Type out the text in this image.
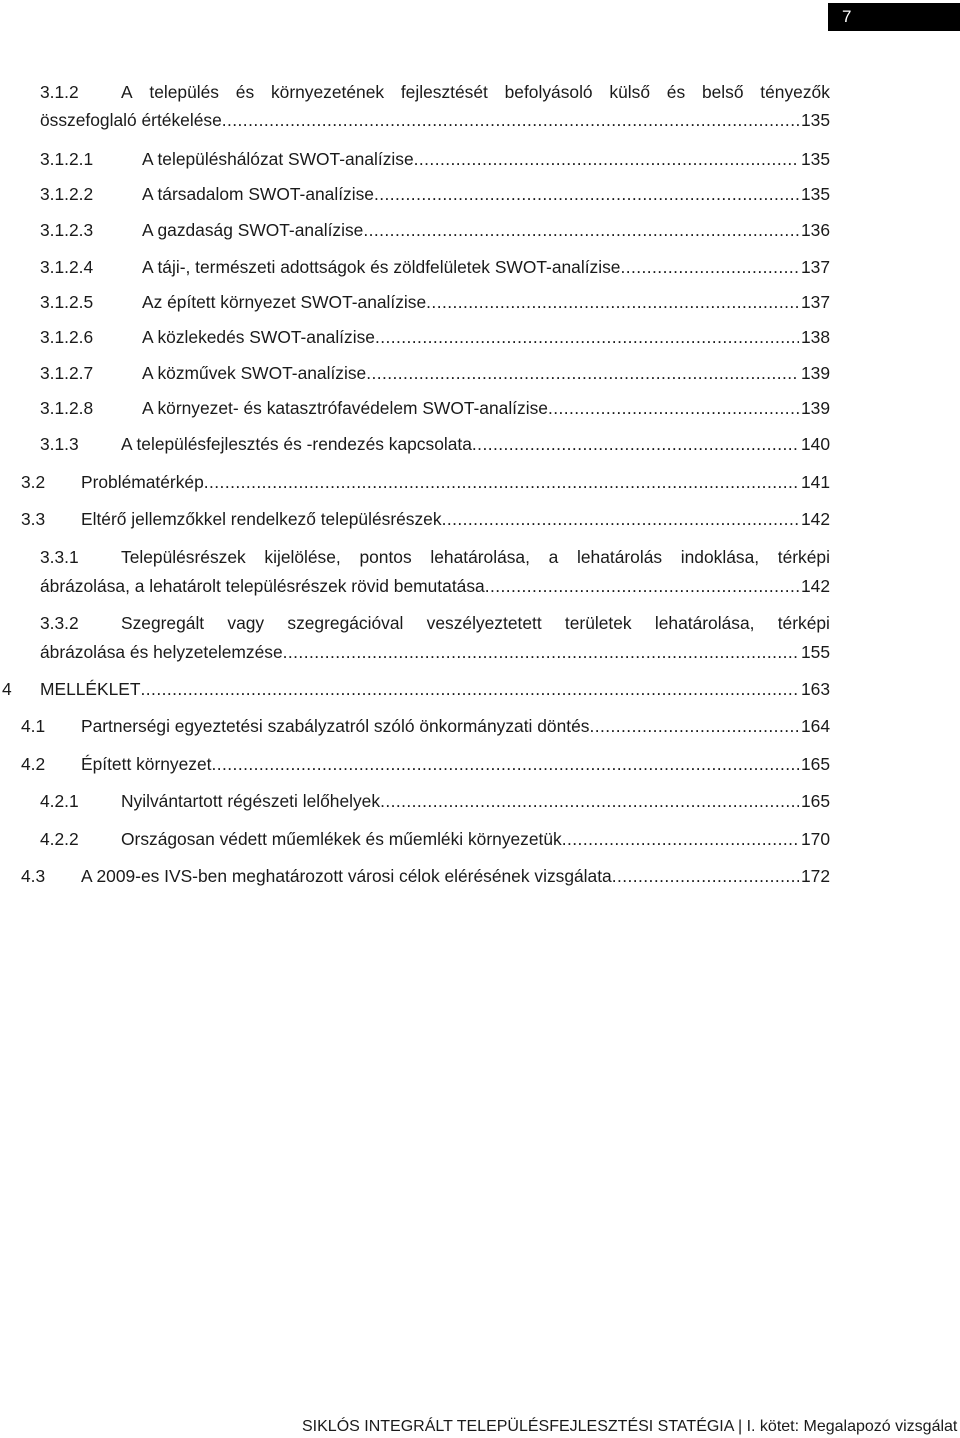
7
3.1.2 A település és környezetének fejlesztését befolyásoló külső és belső tényezők
összefoglaló értékelése . . .	135
3.1.2.1	A településhálózat SWOT-analízise . . .	135
3.1.2.2	A társadalom SWOT-analízise . . .	135
3.1.2.3	A gazdaság SWOT-analízise . . .	136
3.1.2.4	A táji-, természeti adottságok és zöldfelületek SWOT-analízise . . .	137
3.1.2.5	Az épített környezet SWOT-analízise . . .	137
3.1.2.6	A közlekedés SWOT-analízise . . .	138
3.1.2.7	A közművek SWOT-analízise . . .	139
3.1.2.8	A környezet- és katasztrófavédelem SWOT-analízise . . .	139
3.1.3 A településfejlesztés és -rendezés kapcsolata . . .	140
3.2 Problématérkép . . .	141
3.3 Eltérő jellemzőkkel rendelkező településrészek . . .	142
3.3.1 Településrészek kijelölése, pontos lehatárolása, a lehatárolás indoklása, térképi
ábrázolása, a lehatárolt településrészek rövid bemutatása . . .	142
3.3.2 Szegregált vagy szegregációval veszélyeztetett területek lehatárolása, térképi
ábrázolása és helyzetelemzése . . .	155
4 MELLÉKLET . . .	163
4.1 Partnerségi egyeztetési szabályzatról szóló önkormányzati döntés . . .	164
4.2 Épített környezet . . .	165
4.2.1 Nyilvántartott régészeti lelőhelyek . . .	165
4.2.2 Országosan védett műemlékek és műemléki környezetük . . .	170
4.3 A 2009-es IVS-ben meghatározott városi célok elérésének vizsgálata . . .	172
SIKLÓS INTEGRÁLT TELEPÜLÉSFEJLESZTÉSI STATÉGIA | I. kötet: Megalapozó vizsgálat
